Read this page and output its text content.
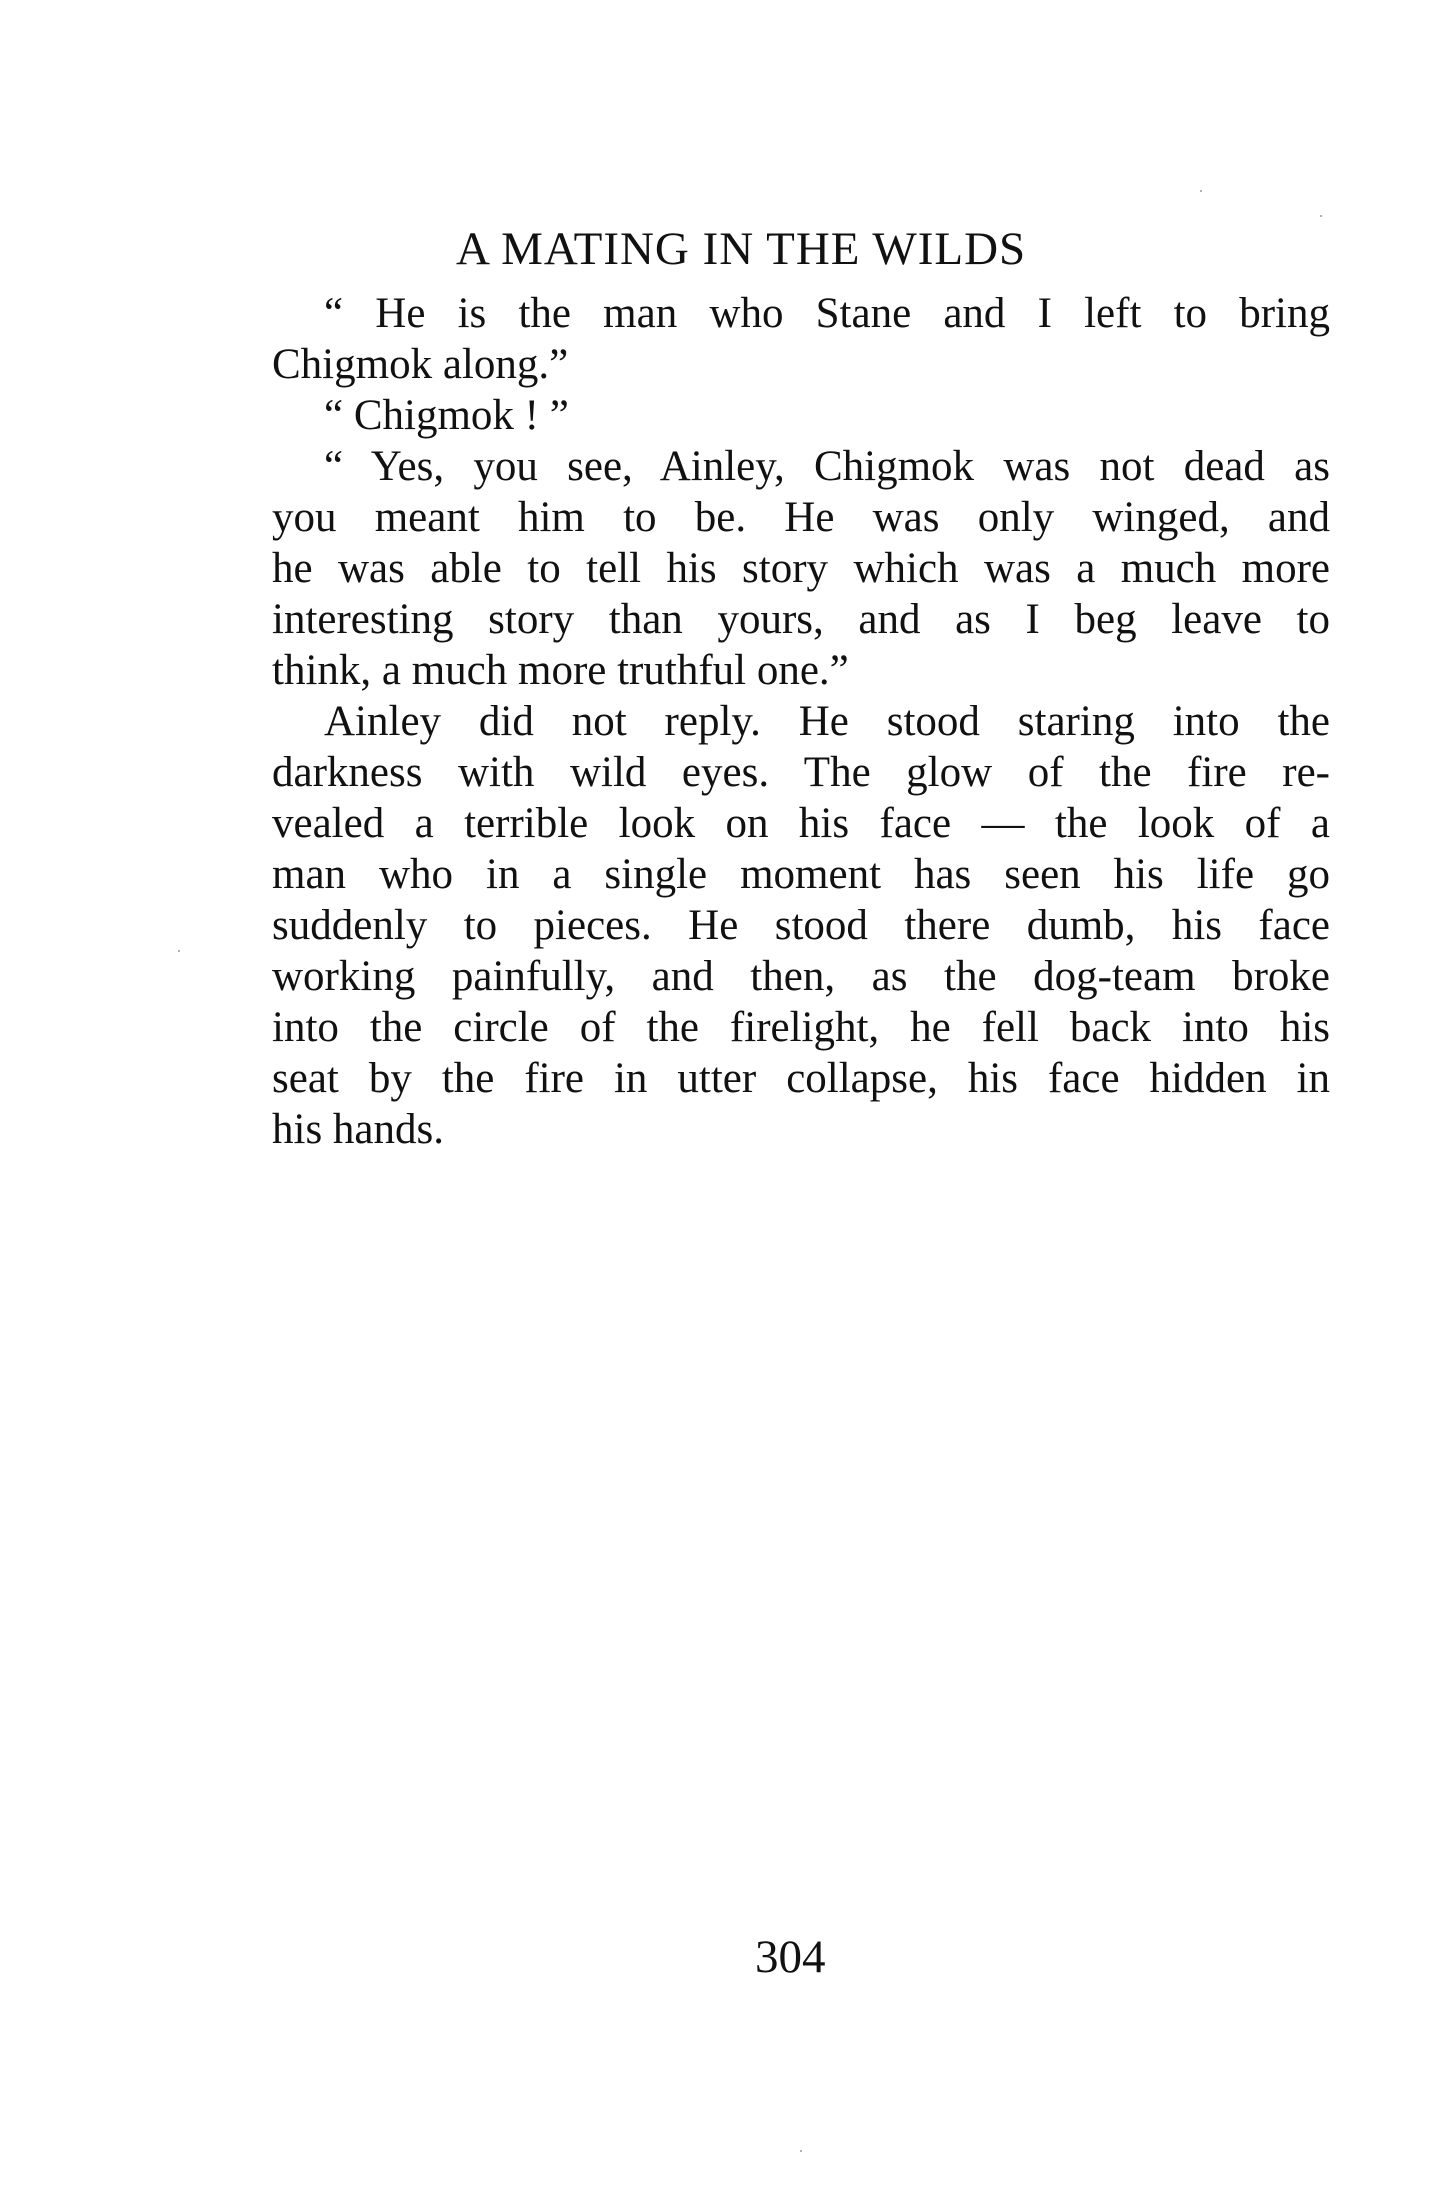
A MATING IN THE WILDS
“ He is the man who Stane and I left to bring
Chigmok along.”
“ Chigmok ! ”
“ Yes, you see, Ainley, Chigmok was not dead as
you meant him to be. He was only winged, and
he was able to tell his story which was a much more
interesting story than yours, and as I beg leave to
think, a much more truthful one.”
Ainley did not reply. He stood staring into the
darkness with wild eyes. The glow of the fire re-
vealed a terrible look on his face — the look of a
man who in a single moment has seen his life go
suddenly to pieces. He stood there dumb, his face
working painfully, and then, as the dog-team broke
into the circle of the firelight, he fell back into his
seat by the fire in utter collapse, his face hidden in
his hands.
304
